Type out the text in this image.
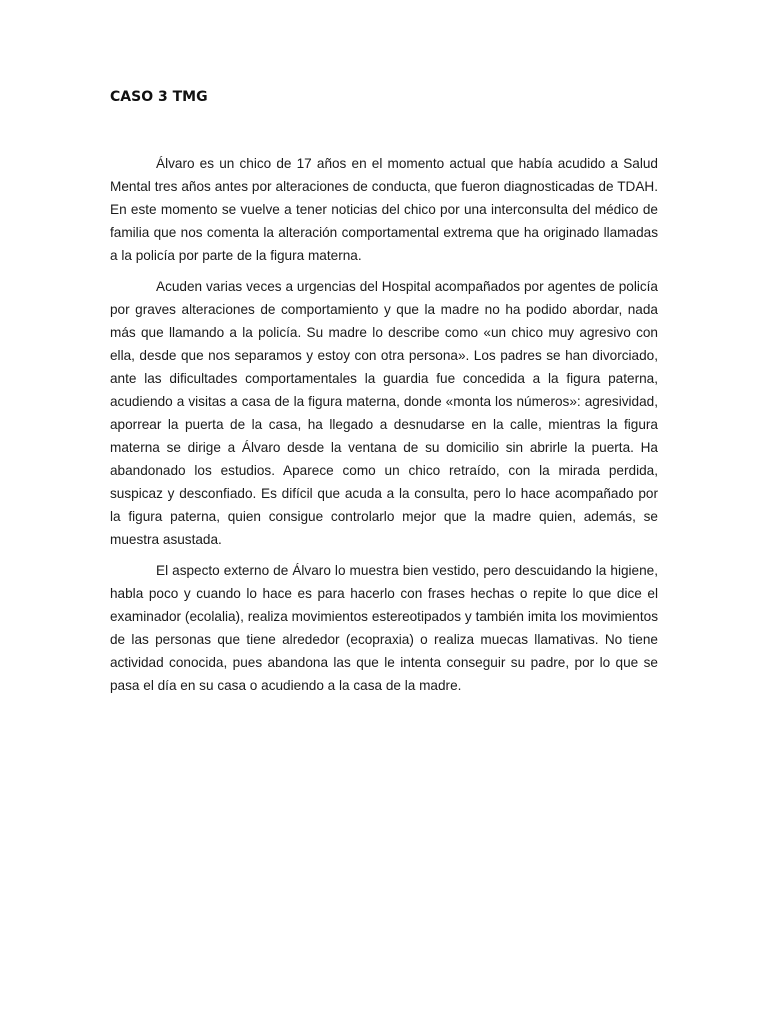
CASO 3 TMG

Álvaro es un chico de 17 años en el momento actual que había acudido a Salud Mental tres años antes por alteraciones de conducta, que fueron diagnosticadas de TDAH. En este momento se vuelve a tener noticias del chico por una interconsulta del médico de familia que nos comenta la alteración comportamental extrema que ha originado llamadas a la policía por parte de la figura materna.

Acuden varias veces a urgencias del Hospital acompañados por agentes de policía por graves alteraciones de comportamiento y que la madre no ha podido abordar, nada más que llamando a la policía. Su madre lo describe como «un chico muy agresivo con ella, desde que nos separamos y estoy con otra persona». Los padres se han divorciado, ante las dificultades comportamentales la guardia fue concedida a la figura paterna, acudiendo a visitas a casa de la figura materna, donde «monta los números»: agresividad, aporrear la puerta de la casa, ha llegado a desnudarse en la calle, mientras la figura materna se dirige a Álvaro desde la ventana de su domicilio sin abrirle la puerta. Ha abandonado los estudios. Aparece como un chico retraído, con la mirada perdida, suspicaz y desconfiado. Es difícil que acuda a la consulta, pero lo hace acompañado por la figura paterna, quien consigue controlarlo mejor que la madre quien, además, se muestra asustada.

El aspecto externo de Álvaro lo muestra bien vestido, pero descuidando la higiene, habla poco y cuando lo hace es para hacerlo con frases hechas o repite lo que dice el examinador (ecolalia), realiza movimientos estereotipados y también imita los movimientos de las personas que tiene alrededor (ecopraxia) o realiza muecas llamativas. No tiene actividad conocida, pues abandona las que le intenta conseguir su padre, por lo que se pasa el día en su casa o acudiendo a la casa de la madre.
